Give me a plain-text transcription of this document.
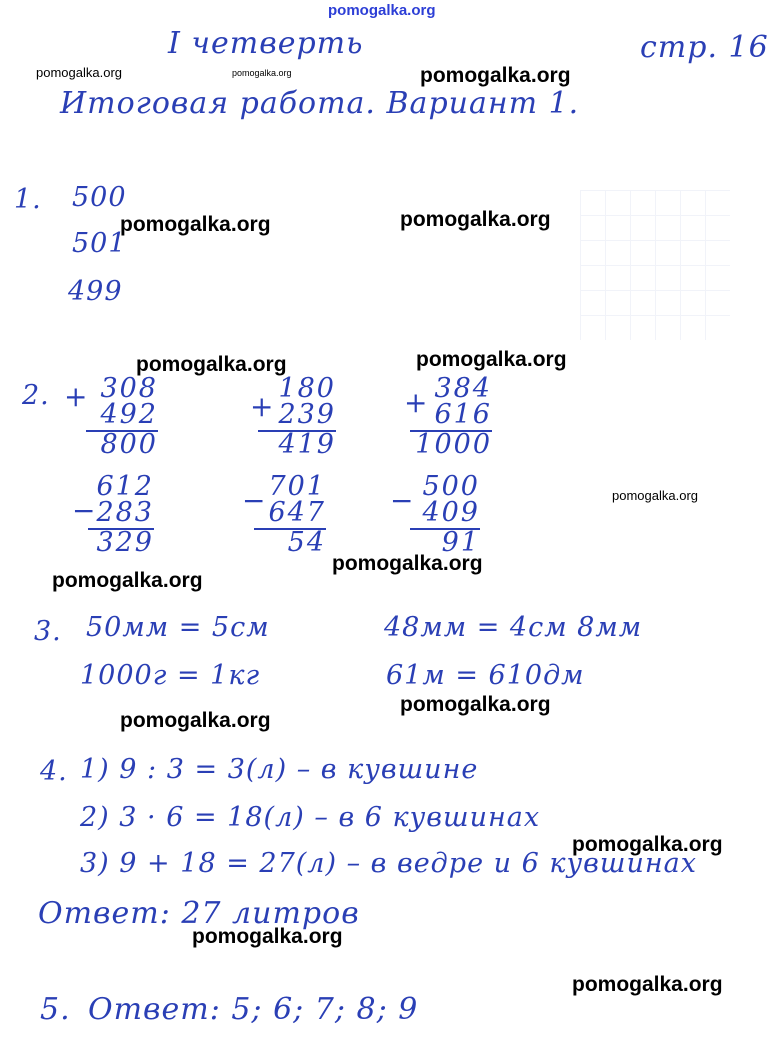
pomogalka.org
pomogalka.org	pomogalka.org	pomogalka.org
pomogalka.org	pomogalka.org
pomogalka.org	pomogalka.org
pomogalka.org
pomogalka.org
pomogalka.org
pomogalka.org
pomogalka.org
pomogalka.org
pomogalka.org
pomogalka.org
I четверть	стр. 16
Итоговая работа. Вариант 1.
1. 500
501
499
2. + 308
492
800
+
180
239
419
+ 384
616
1000
−
612
283
329
− 701
647
54
− 500
409
91
3. 50мм = 5см	48мм = 4см 8мм
1000г = 1кг	61м = 610дм
4. 1) 9 : 3 = 3(л) – в кувшине
2) 3 · 6 = 18(л) – в 6 кувшинах
3) 9 + 18 = 27(л) – в ведре и 6 кувшинах
Ответ: 27 литров
5. Ответ: 5; 6; 7; 8; 9
